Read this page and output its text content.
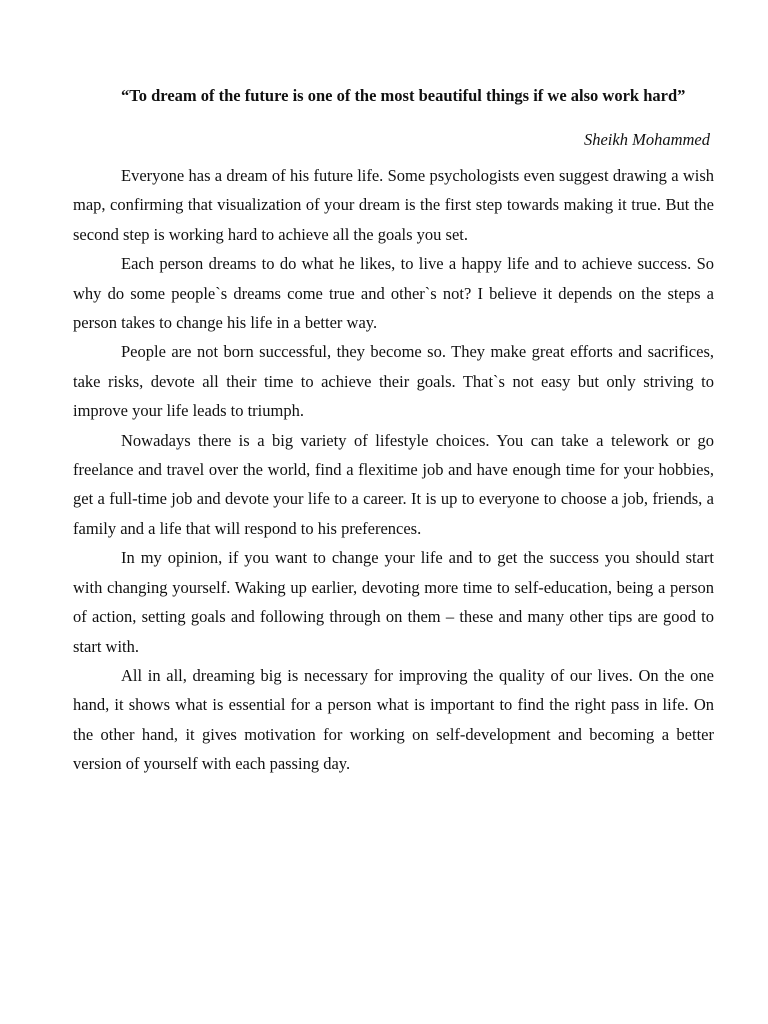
“To dream of the future is one of the most beautiful things if we also work hard”

Sheikh Mohammed

Everyone has a dream of his future life. Some psychologists even suggest drawing a wish map, confirming that visualization of your dream is the first step towards making it true. But the second step is working hard to achieve all the goals you set.

Each person dreams to do what he likes, to live a happy life and to achieve success. So why do some people`s dreams come true and other`s not? I believe it depends on the steps a person takes to change his life in a better way.

People are not born successful, they become so. They make great efforts and sacrifices, take risks, devote all their time to achieve their goals. That`s not easy but only striving to improve your life leads to triumph.

Nowadays there is a big variety of lifestyle choices. You can take a telework or go freelance and travel over the world, find a flexitime job and have enough time for your hobbies, get a full-time job and devote your life to a career. It is up to everyone to choose a job, friends, a family and a life that will respond to his preferences.

In my opinion, if you want to change your life and to get the success you should start with changing yourself. Waking up earlier, devoting more time to self-education, being a person of action, setting goals and following through on them – these and many other tips are good to start with.

All in all, dreaming big is necessary for improving the quality of our lives. On the one hand, it shows what is essential for a person what is important to find the right pass in life. On the other hand, it gives motivation for working on self-development and becoming a better version of yourself with each passing day.
